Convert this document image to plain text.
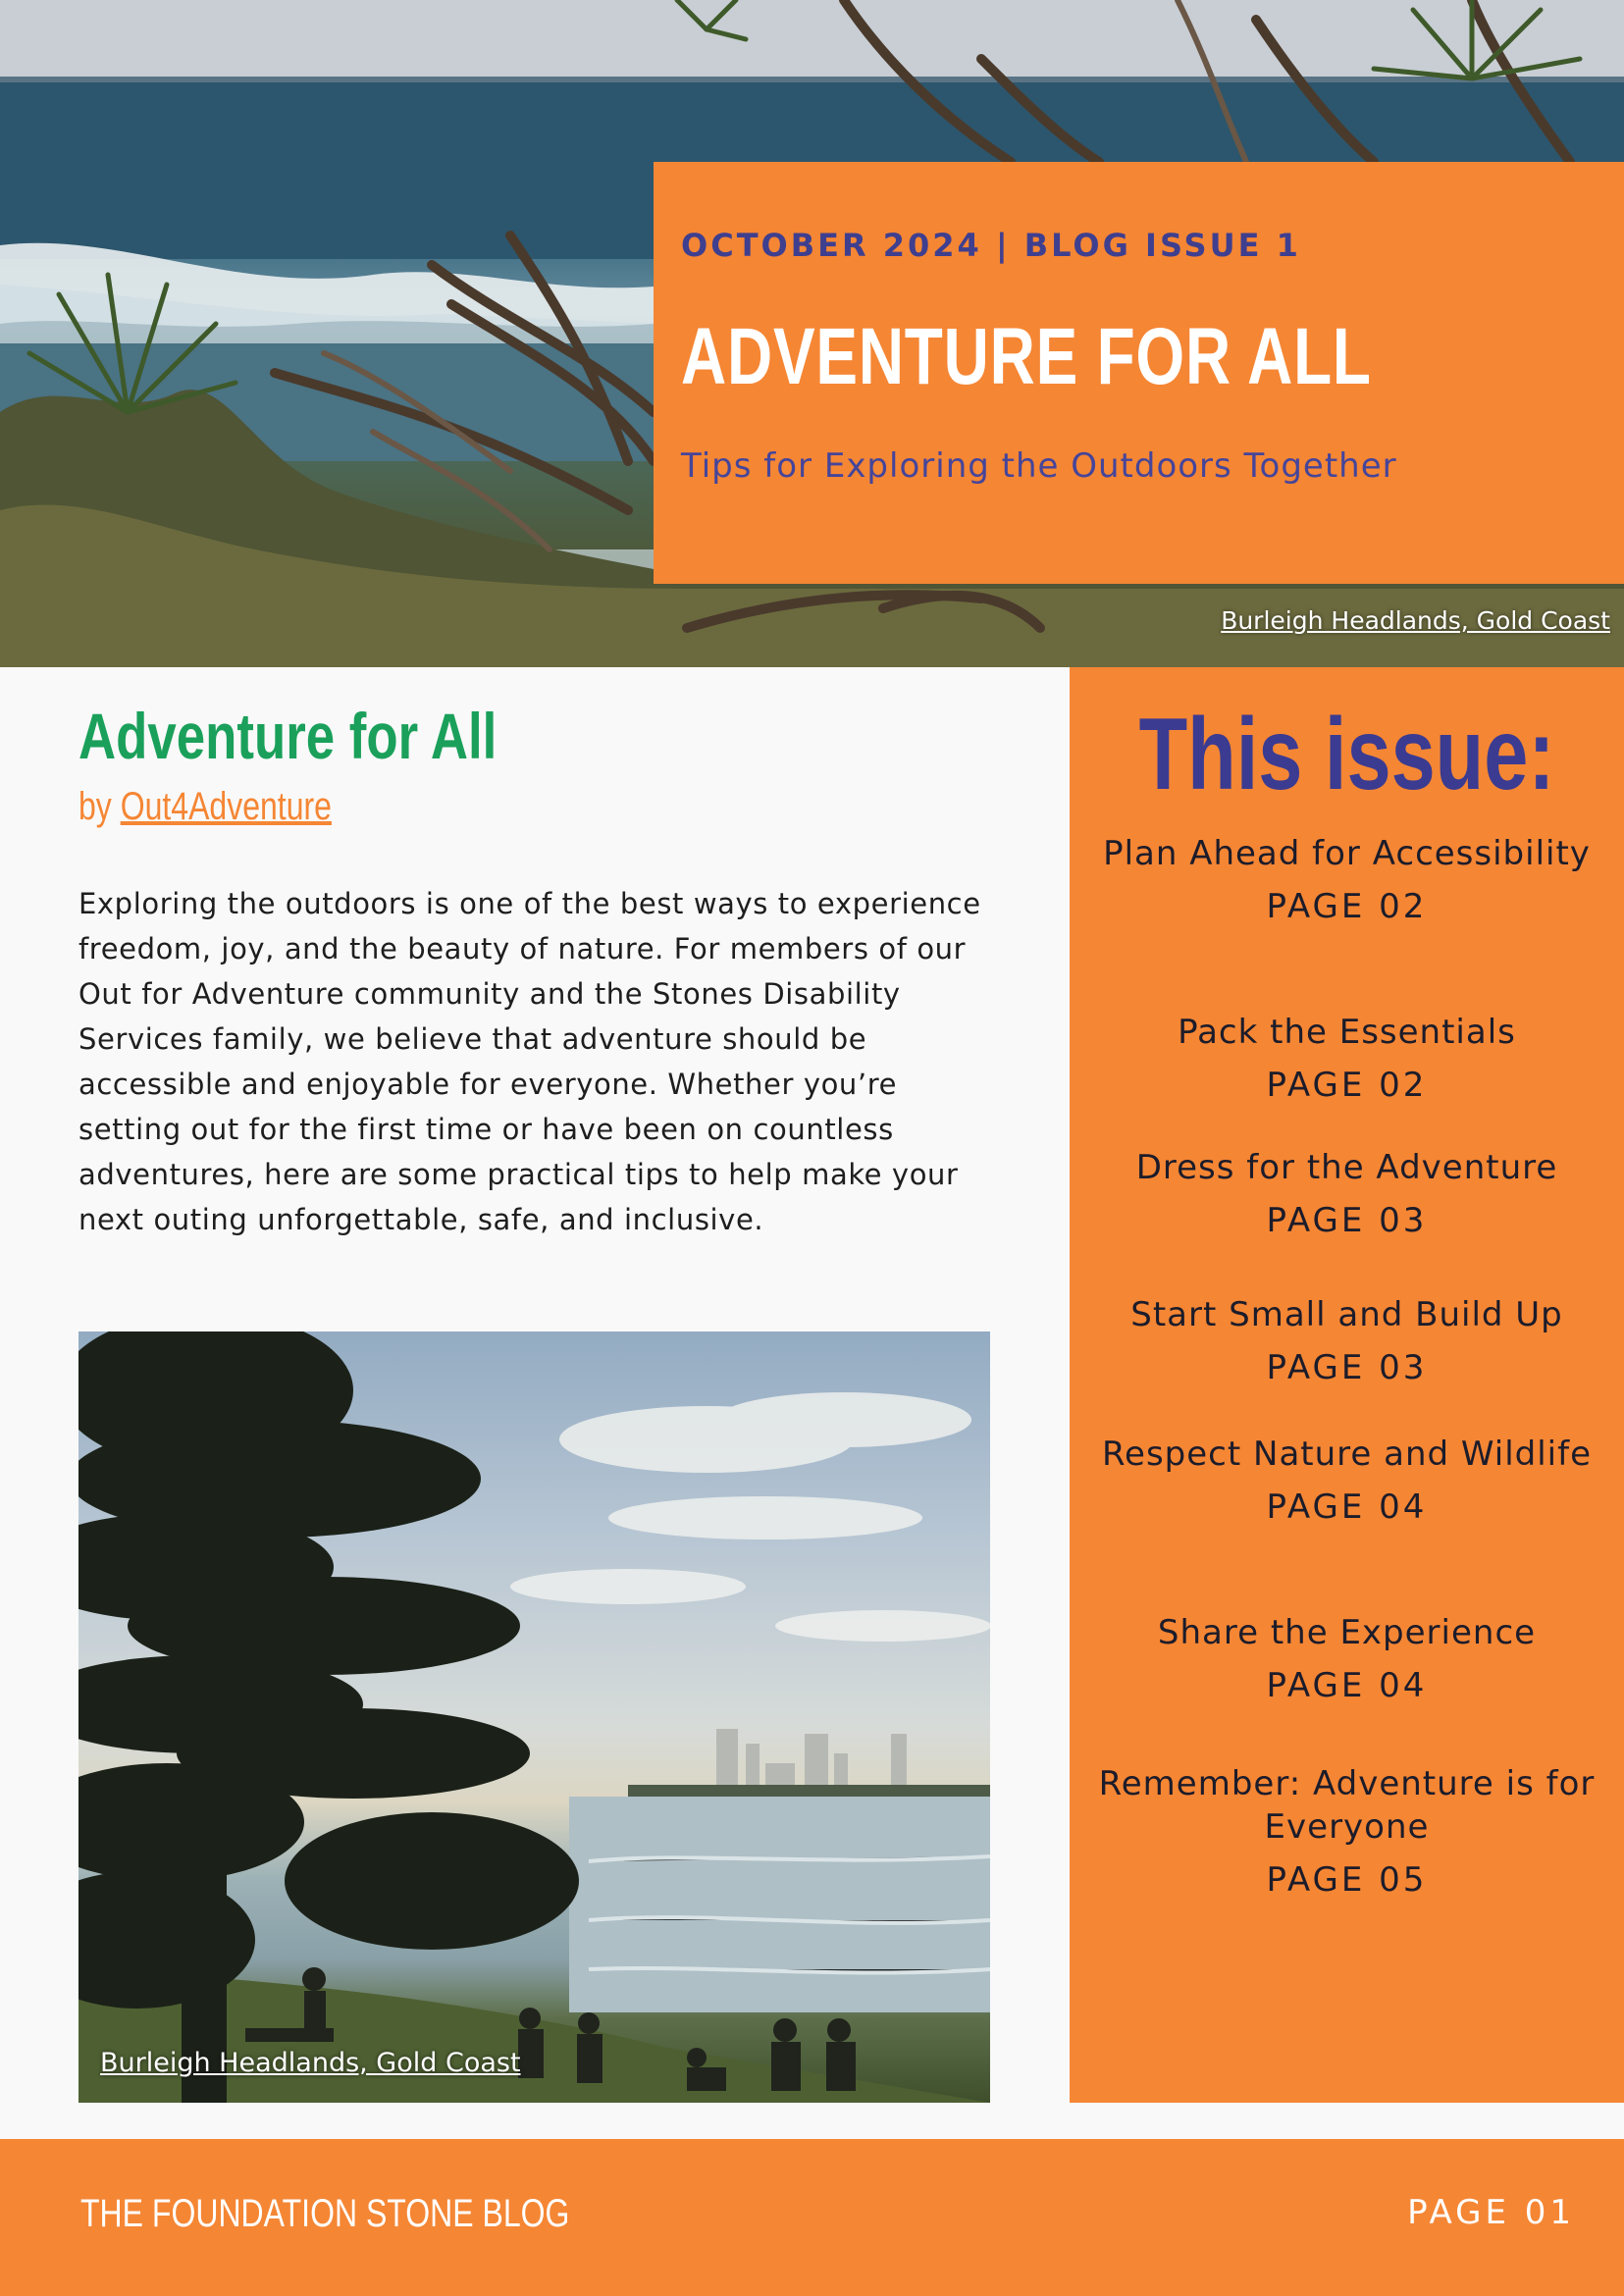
OCTOBER 2024 | BLOG ISSUE 1

ADVENTURE FOR ALL

Tips for Exploring the Outdoors Together

Burleigh Headlands, Gold Coast
Adventure for All

by Out4Adventure

Exploring the outdoors is one of the best ways to experience freedom, joy, and the beauty of nature. For members of our Out for Adventure community and the Stones Disability Services family, we believe that adventure should be accessible and enjoyable for everyone. Whether you’re setting out for the first time or have been on countless adventures, here are some practical tips to help make your next outing unforgettable, safe, and inclusive.

Burleigh Headlands, Gold Coast
This issue:

Plan Ahead for Accessibility

PAGE 02

Pack the Essentials

PAGE 02

Dress for the Adventure

PAGE 03

Start Small and Build Up

PAGE 03

Respect Nature and Wildlife

PAGE 04

Share the Experience

PAGE 04

Remember: Adventure is for Everyone

PAGE 05

THE FOUNDATION STONE BLOG	PAGE 01
